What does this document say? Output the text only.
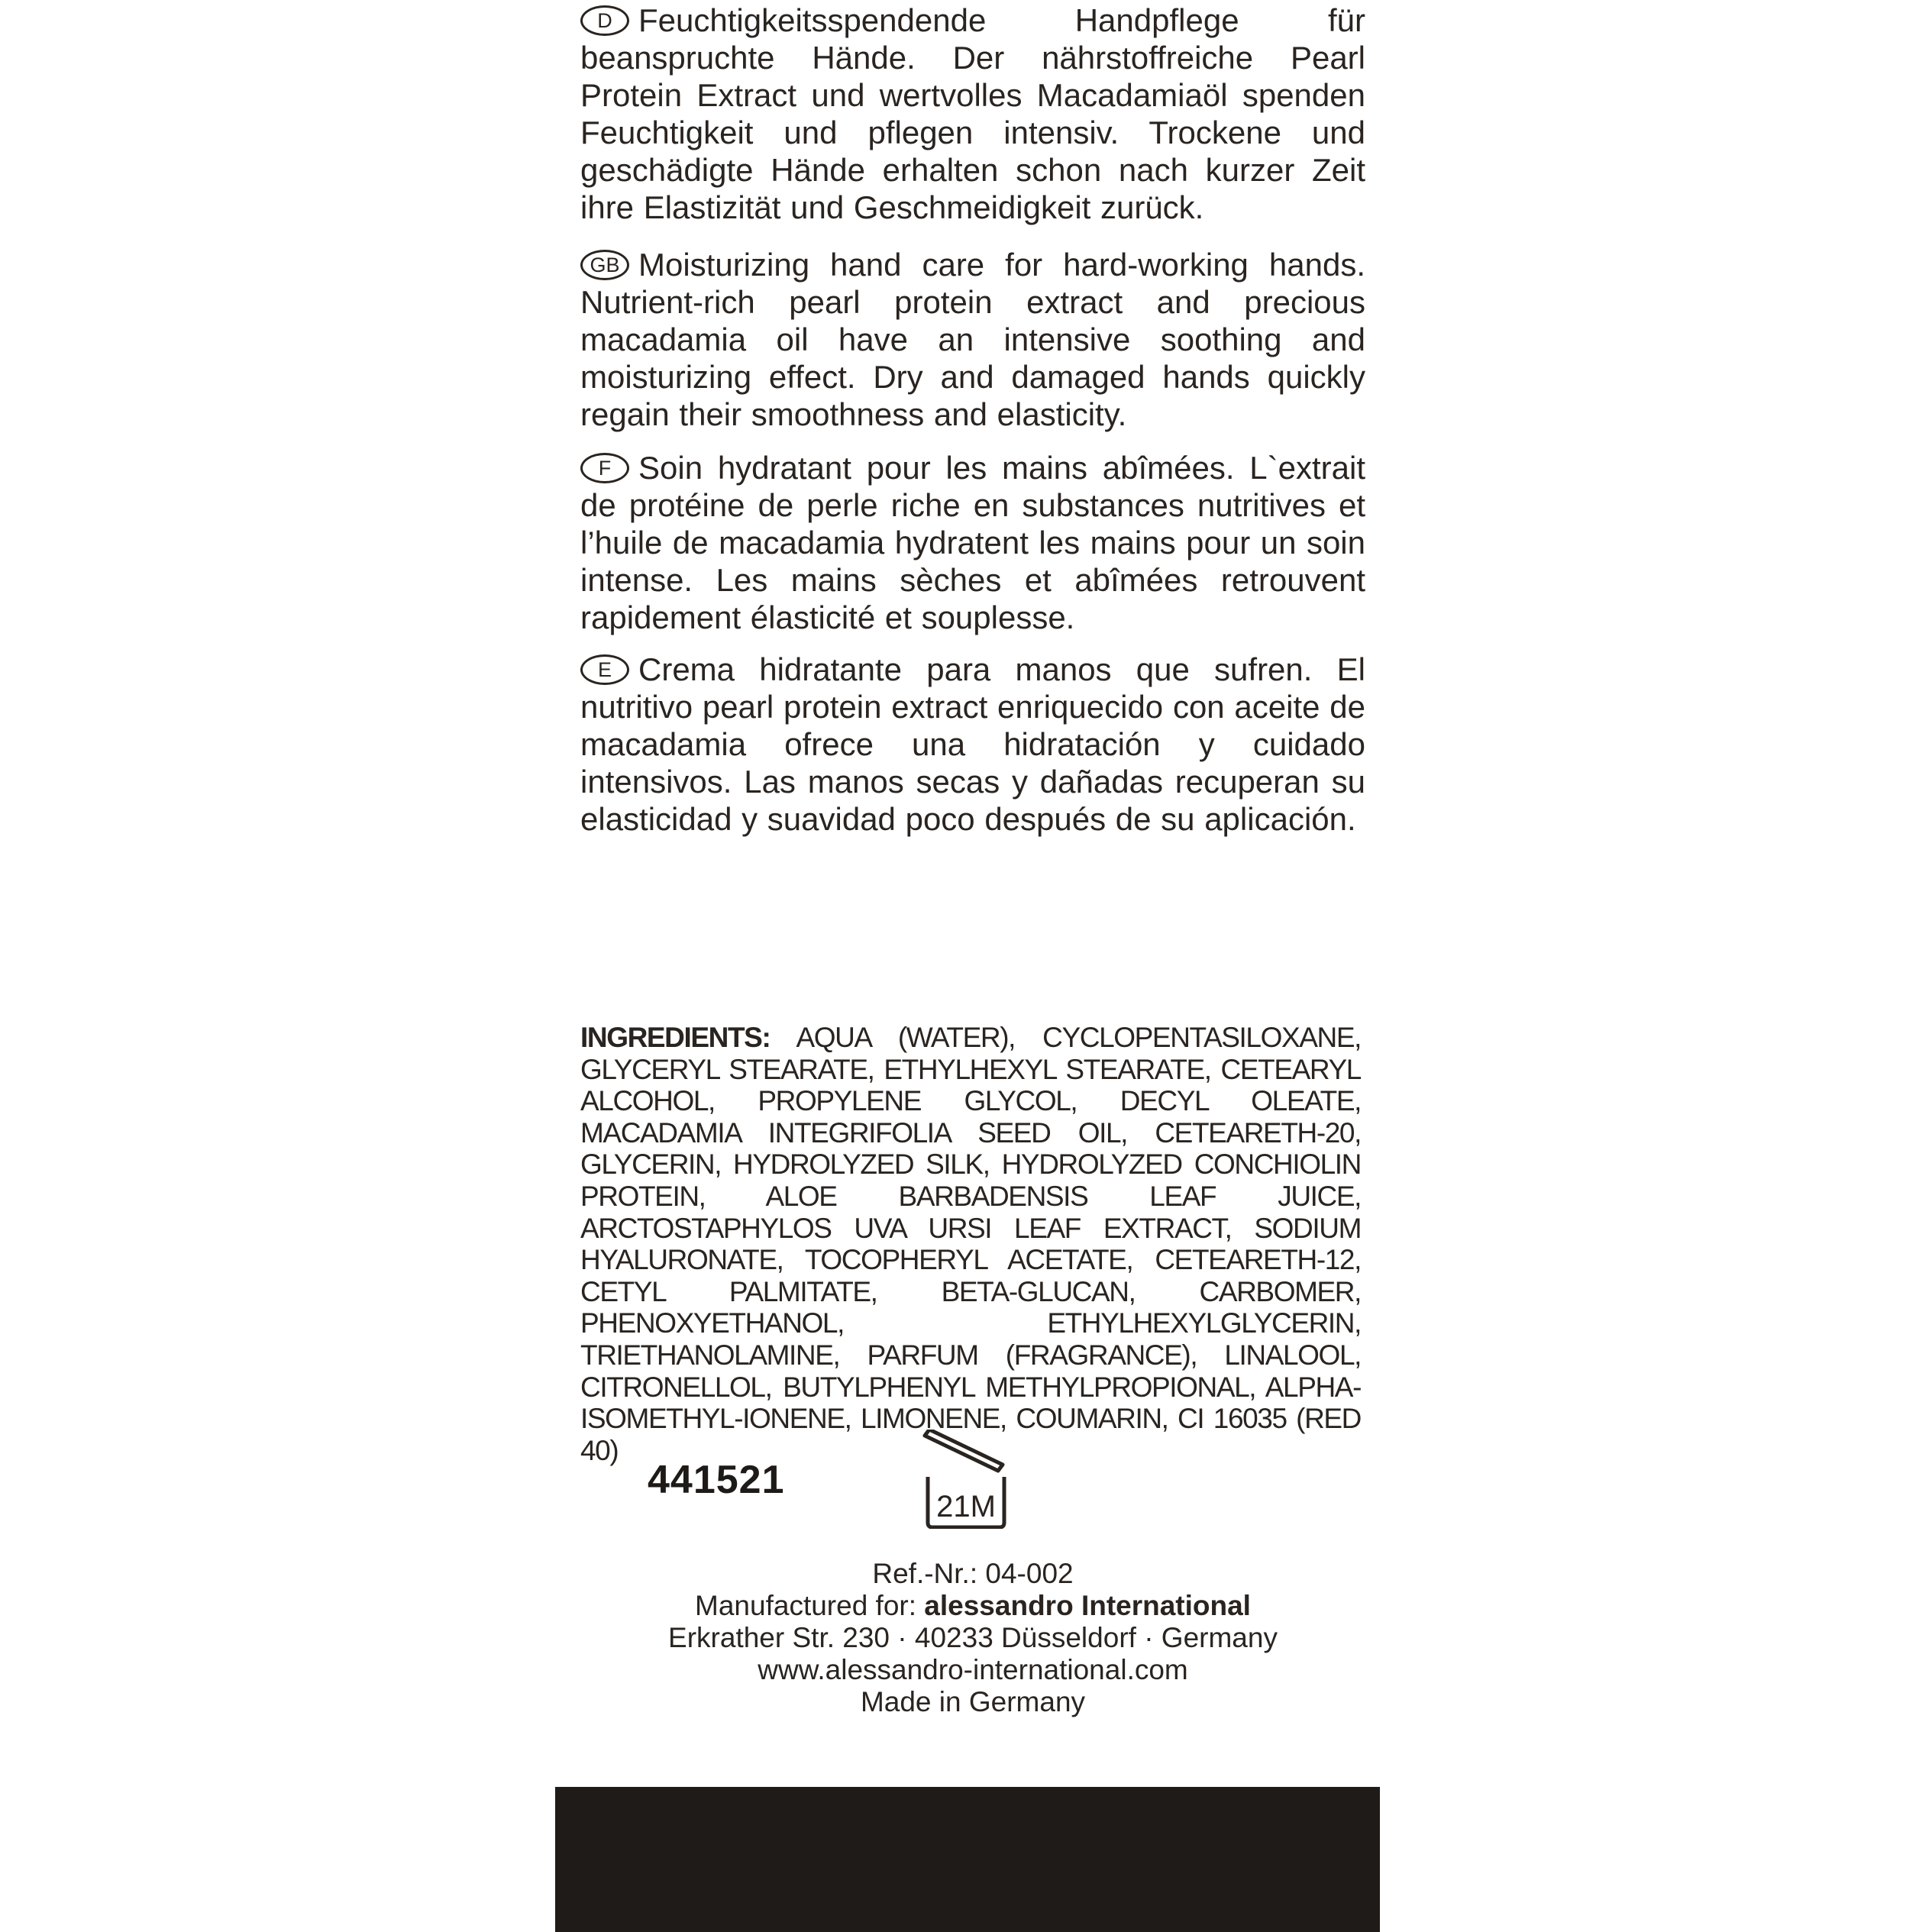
D Feuchtigkeitsspendende Handpflege für beanspruchte Hände. Der nährstoffreiche Pearl Protein Extract und wertvolles Macadamiaöl spenden Feuchtigkeit und pflegen intensiv. Trockene und geschädigte Hände erhalten schon nach kurzer Zeit ihre Elastizität und Geschmeidigkeit zurück.
GB Moisturizing hand care for hard-working hands. Nutrient-rich pearl protein extract and precious macadamia oil have an intensive soothing and moisturizing effect. Dry and damaged hands quickly regain their smoothness and elasticity.
F Soin hydratant pour les mains abîmées. L`extrait de protéine de perle riche en substances nutritives et l’huile de macadamia hydratent les mains pour un soin intense. Les mains sèches et abîmées retrouvent rapidement élasticité et souplesse.
E Crema hidratante para manos que sufren. El nutritivo pearl protein extract enriquecido con aceite de macadamia ofrece una hidratación y cuidado intensivos. Las manos secas y dañadas recuperan su elasticidad y suavidad poco después de su aplicación.
INGREDIENTS: AQUA (WATER), CYCLOPENTASILOXANE, GLYCERYL STEARATE, ETHYLHEXYL STEARATE, CETEARYL ALCOHOL, PROPYLENE GLYCOL, DECYL OLEATE, MACADAMIA INTEGRIFOLIA SEED OIL, CETEARETH-20, GLYCERIN, HYDROLYZED SILK, HYDROLYZED CONCHIOLIN PROTEIN, ALOE BARBADENSIS LEAF JUICE, ARCTOSTAPHYLOS UVA URSI LEAF EXTRACT, SODIUM HYALURONATE, TOCOPHERYL ACETATE, CETEARETH-12, CETYL PALMITATE, BETA-GLUCAN, CARBOMER, PHENOXYETHANOL, ETHYLHEXYLGLYCERIN, TRIETHANOLAMINE, PARFUM (FRAGRANCE), LINALOOL, CITRONELLOL, BUTYLPHENYL METHYLPROPIONAL, ALPHA-ISOMETHYL-IONENE, LIMONENE, COUMARIN, CI 16035 (RED 40)
441521
21M
Ref.-Nr.: 04-002
Manufactured for: alessandro International
Erkrather Str. 230 · 40233 Düsseldorf · Germany
www.alessandro-international.com
Made in Germany
